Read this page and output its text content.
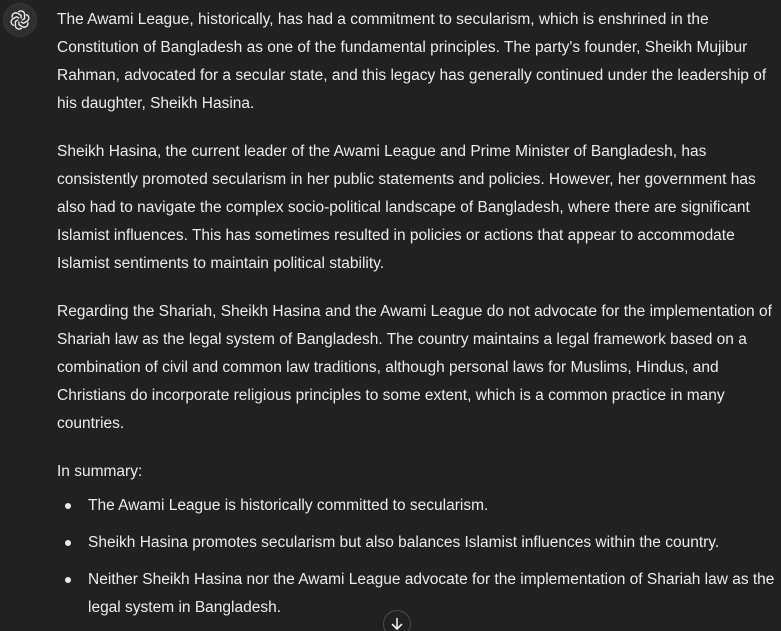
The Awami League, historically, has had a commitment to secularism, which is enshrined in the Constitution of Bangladesh as one of the fundamental principles. The party's founder, Sheikh Mujibur Rahman, advocated for a secular state, and this legacy has generally continued under the leadership of his daughter, Sheikh Hasina.

Sheikh Hasina, the current leader of the Awami League and Prime Minister of Bangladesh, has consistently promoted secularism in her public statements and policies. However, her government has also had to navigate the complex socio-political landscape of Bangladesh, where there are significant Islamist influences. This has sometimes resulted in policies or actions that appear to accommodate Islamist sentiments to maintain political stability.

Regarding the Shariah, Sheikh Hasina and the Awami League do not advocate for the implementation of Shariah law as the legal system of Bangladesh. The country maintains a legal framework based on a combination of civil and common law traditions, although personal laws for Muslims, Hindus, and Christians do incorporate religious principles to some extent, which is a common practice in many countries.

In summary:

The Awami League is historically committed to secularism.
Sheikh Hasina promotes secularism but also balances Islamist influences within the country.
Neither Sheikh Hasina nor the Awami League advocate for the implementation of Shariah law as the legal system in Bangladesh.
